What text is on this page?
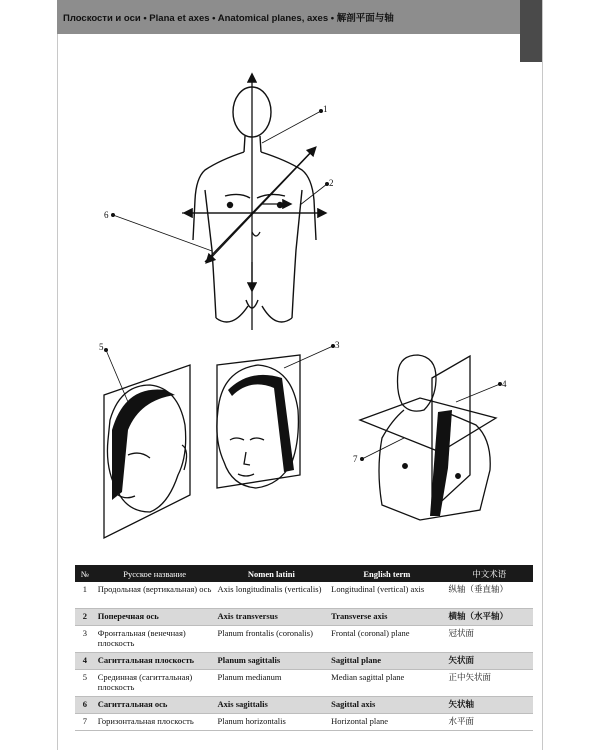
Плоскости и оси • Plana et axes • Anatomical planes, axes • 解剖平面与轴
1
2
3
4
5
6
7
№	Русское название	Nomen latini	English term	中文术语
1	Продольная (вертикальная) ось	Axis longitudinalis (verticalis)	Longitudinal (vertical) axis	纵轴（垂直轴）
2	Поперечная ось	Axis transversus	Transverse axis	横轴（水平轴）
3	Фронтальная (венечная) плоскость	Planum frontalis (coronalis)	Frontal (coronal) plane	冠状面
4	Сагиттальная плоскость	Planum sagittalis	Sagittal plane	矢状面
5	Срединная (сагиттальная) плоскость	Planum medianum	Median sagittal plane	正中矢状面
6	Сагиттальная ось	Axis sagittalis	Sagittal axis	矢状轴
7	Горизонтальная плоскость	Planum horizontalis	Horizontal plane	水平面
